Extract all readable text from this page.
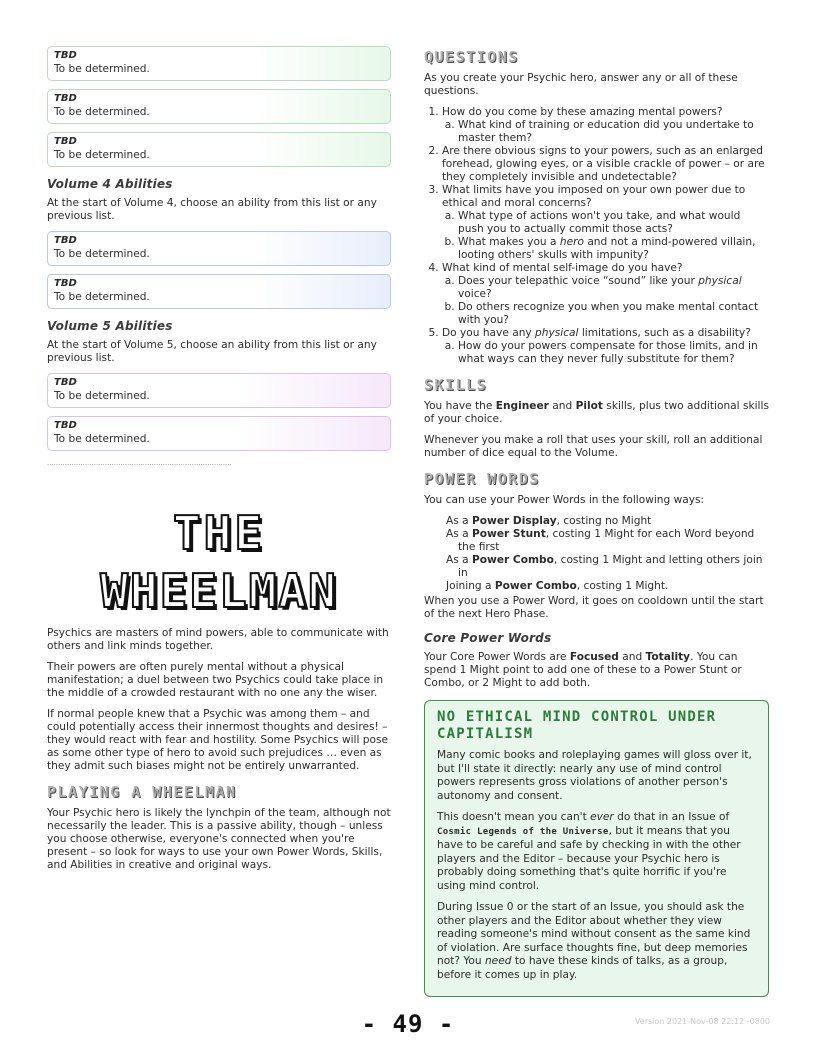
TBD
To be determined.
TBD
To be determined.
TBD
To be determined.
Volume 4 Abilities

At the start of Volume 4, choose an ability from this list or any previous list.

TBD
To be determined.
TBD
To be determined.
Volume 5 Abilities

At the start of Volume 5, choose an ability from this list or any previous list.

TBD
To be determined.
TBD
To be determined.
...................................................................................
THE
WHEELMAN

Psychics are masters of mind powers, able to communicate with others and link minds together.

Their powers are often purely mental without a physical manifestation; a duel between two Psychics could take place in the middle of a crowded restaurant with no one any the wiser.

If normal people knew that a Psychic was among them – and could potentially access their innermost thoughts and desires! – they would react with fear and hostility. Some Psychics will pose as some other type of hero to avoid such prejudices … even as they admit such biases might not be entirely unwarranted.

PLAYING A WHEELMAN

Your Psychic hero is likely the lynchpin of the team, although not necessarily the leader. This is a passive ability, though – unless you choose otherwise, everyone's connected when you're present – so look for ways to use your own Power Words, Skills, and Abilities in creative and original ways.

QUESTIONS

As you create your Psychic hero, answer any or all of these questions.

1. How do you come by these amazing mental powers?
a. What kind of training or education did you undertake to master them?
2. Are there obvious signs to your powers, such as an enlarged forehead, glowing eyes, or a visible crackle of power – or are they completely invisible and undetectable?
3. What limits have you imposed on your own power due to ethical and moral concerns?
a. What type of actions won't you take, and what would push you to actually commit those acts?
b. What makes you a hero and not a mind-powered villain, looting others' skulls with impunity?
4. What kind of mental self-image do you have?
a. Does your telepathic voice “sound” like your physical voice?
b. Do others recognize you when you make mental contact with you?
5. Do you have any physical limitations, such as a disability?
a. How do your powers compensate for those limits, and in what ways can they never fully substitute for them?
SKILLS

You have the Engineer and Pilot skills, plus two additional skills of your choice.

Whenever you make a roll that uses your skill, roll an additional number of dice equal to the Volume.

POWER WORDS

You can use your Power Words in the following ways:

As a Power Display, costing no Might
As a Power Stunt, costing 1 Might for each Word beyond the first
As a Power Combo, costing 1 Might and letting others join in
Joining a Power Combo, costing 1 Might.

When you use a Power Word, it goes on cooldown until the start of the next Hero Phase.

Core Power Words

Your Core Power Words are Focused and Totality. You can spend 1 Might point to add one of these to a Power Stunt or Combo, or 2 Might to add both.

NO ETHICAL MIND CONTROL UNDER CAPITALISM

Many comic books and roleplaying games will gloss over it, but I'll state it directly: nearly any use of mind control powers represents gross violations of another person's autonomy and consent.

This doesn't mean you can't ever do that in an Issue of Cosmic Legends of the Universe, but it means that you have to be careful and safe by checking in with the other players and the Editor – because your Psychic hero is probably doing something that's quite horrific if you're using mind control.

During Issue 0 or the start of an Issue, you should ask the other players and the Editor about whether they view reading someone's mind without consent as the same kind of violation. Are surface thoughts fine, but deep memories not? You need to have these kinds of talks, as a group, before it comes up in play.

- 49 -	Version 2021-Nov-08 22:12 -0800
